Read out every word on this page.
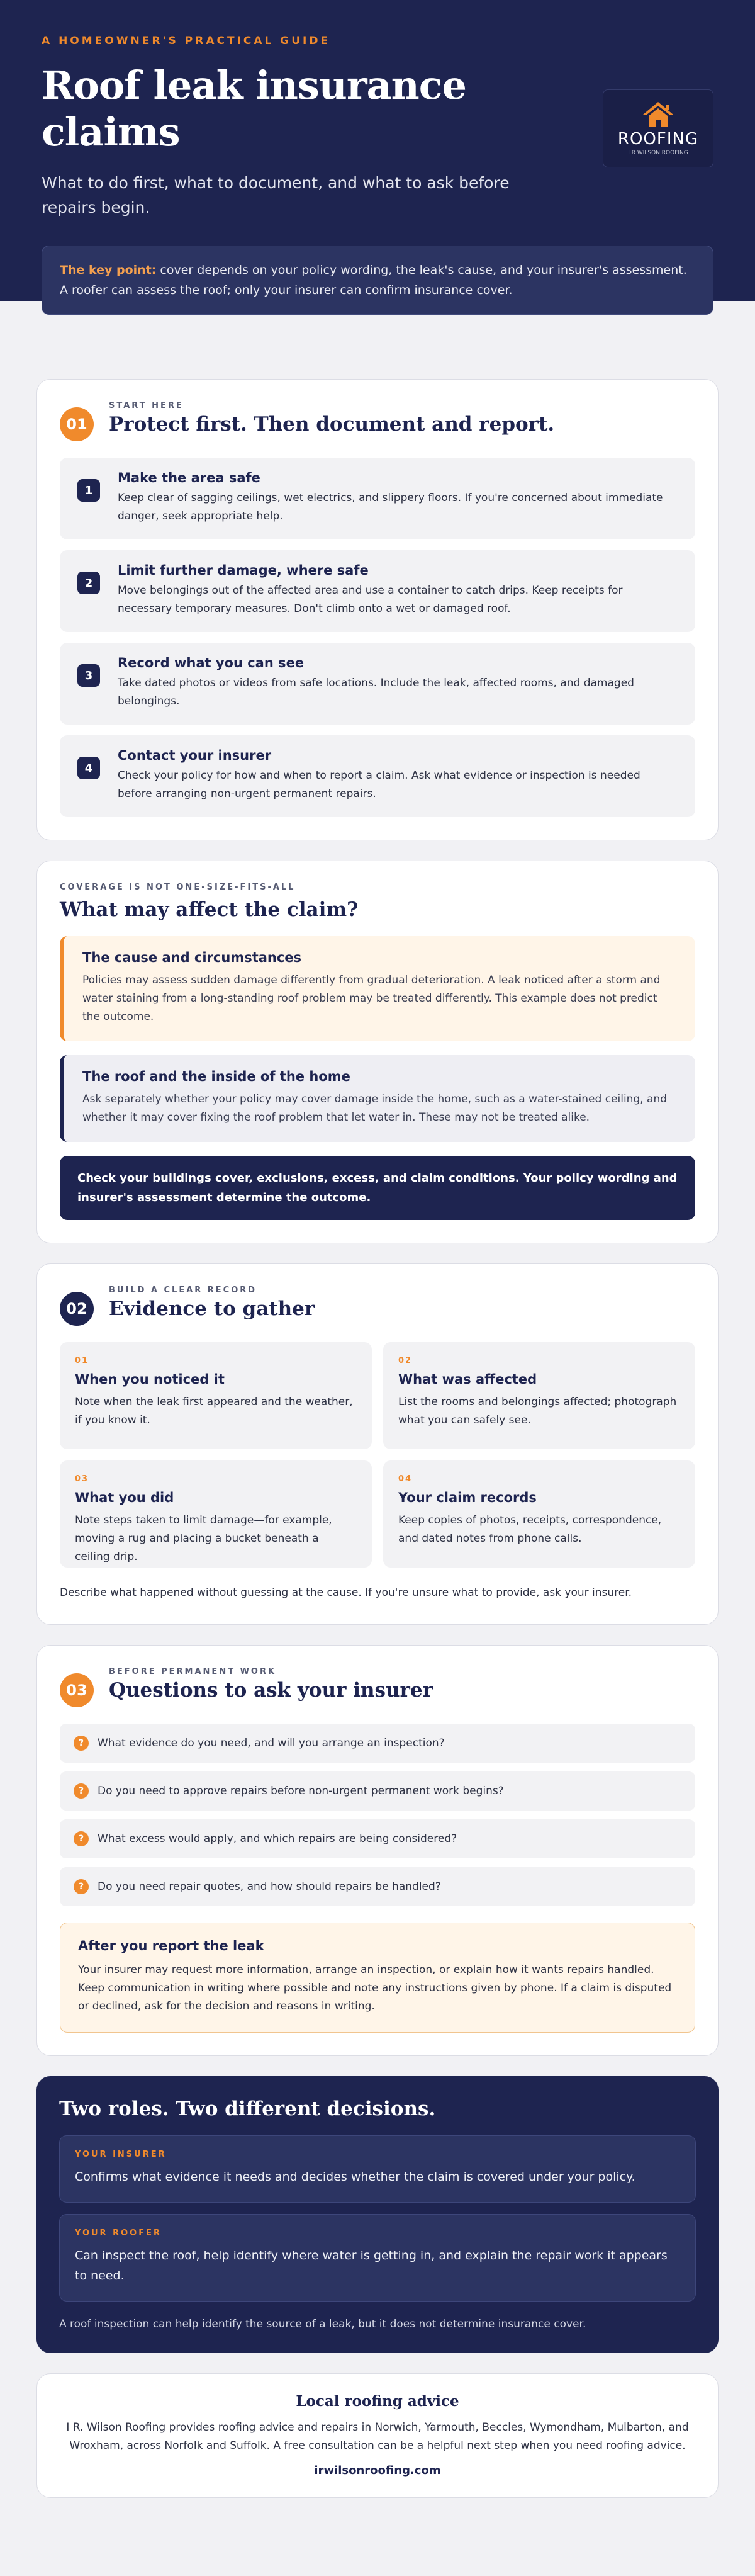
A HOMEOWNER'S PRACTICAL GUIDE
Roof leak insurance claims

What to do first, what to document, and what to ask before repairs begin.

ROOFING
I R WILSON ROOFING
The key point: cover depends on your policy wording, the leak's cause, and your insurer's assessment. A roofer can assess the roof; only your insurer can confirm insurance cover.
01
START HERE
Protect first. Then document and report.
1
Make the area safe
Keep clear of sagging ceilings, wet electrics, and slippery floors. If you're concerned about immediate danger, seek appropriate help.
2
Limit further damage, where safe
Move belongings out of the affected area and use a container to catch drips. Keep receipts for necessary temporary measures. Don't climb onto a wet or damaged roof.
3
Record what you can see
Take dated photos or videos from safe locations. Include the leak, affected rooms, and damaged belongings.
4
Contact your insurer
Check your policy for how and when to report a claim. Ask what evidence or inspection is needed before arranging non-urgent permanent repairs.
COVERAGE IS NOT ONE-SIZE-FITS-ALL
What may affect the claim?
The cause and circumstances
Policies may assess sudden damage differently from gradual deterioration. A leak noticed after a storm and water staining from a long-standing roof problem may be treated differently. This example does not predict the outcome.
The roof and the inside of the home
Ask separately whether your policy may cover damage inside the home, such as a water-stained ceiling, and whether it may cover fixing the roof problem that let water in. These may not be treated alike.
Check your buildings cover, exclusions, excess, and claim conditions. Your policy wording and insurer's assessment determine the outcome.
02
BUILD A CLEAR RECORD
Evidence to gather
01
When you noticed it
Note when the leak first appeared and the weather, if you know it.
02
What was affected
List the rooms and belongings affected; photograph what you can safely see.
03
What you did
Note steps taken to limit damage—for example, moving a rug and placing a bucket beneath a ceiling drip.
04
Your claim records
Keep copies of photos, receipts, correspondence, and dated notes from phone calls.

Describe what happened without guessing at the cause. If you're unsure what to provide, ask your insurer.

03
BEFORE PERMANENT WORK
Questions to ask your insurer
?	What evidence do you need, and will you arrange an inspection?
?	Do you need to approve repairs before non-urgent permanent work begins?
?	What excess would apply, and which repairs are being considered?
?	Do you need repair quotes, and how should repairs be handled?
After you report the leak
Your insurer may request more information, arrange an inspection, or explain how it wants repairs handled. Keep communication in writing where possible and note any instructions given by phone. If a claim is disputed or declined, ask for the decision and reasons in writing.
Two roles. Two different decisions.
YOUR INSURER
Confirms what evidence it needs and decides whether the claim is covered under your policy.
YOUR ROOFER
Can inspect the roof, help identify where water is getting in, and explain the repair work it appears to need.

A roof inspection can help identify the source of a leak, but it does not determine insurance cover.

Local roofing advice

I R. Wilson Roofing provides roofing advice and repairs in Norwich, Yarmouth, Beccles, Wymondham, Mulbarton, and Wroxham, across Norfolk and Suffolk. A free consultation can be a helpful next step when you need roofing advice.

irwilsonroofing.com
